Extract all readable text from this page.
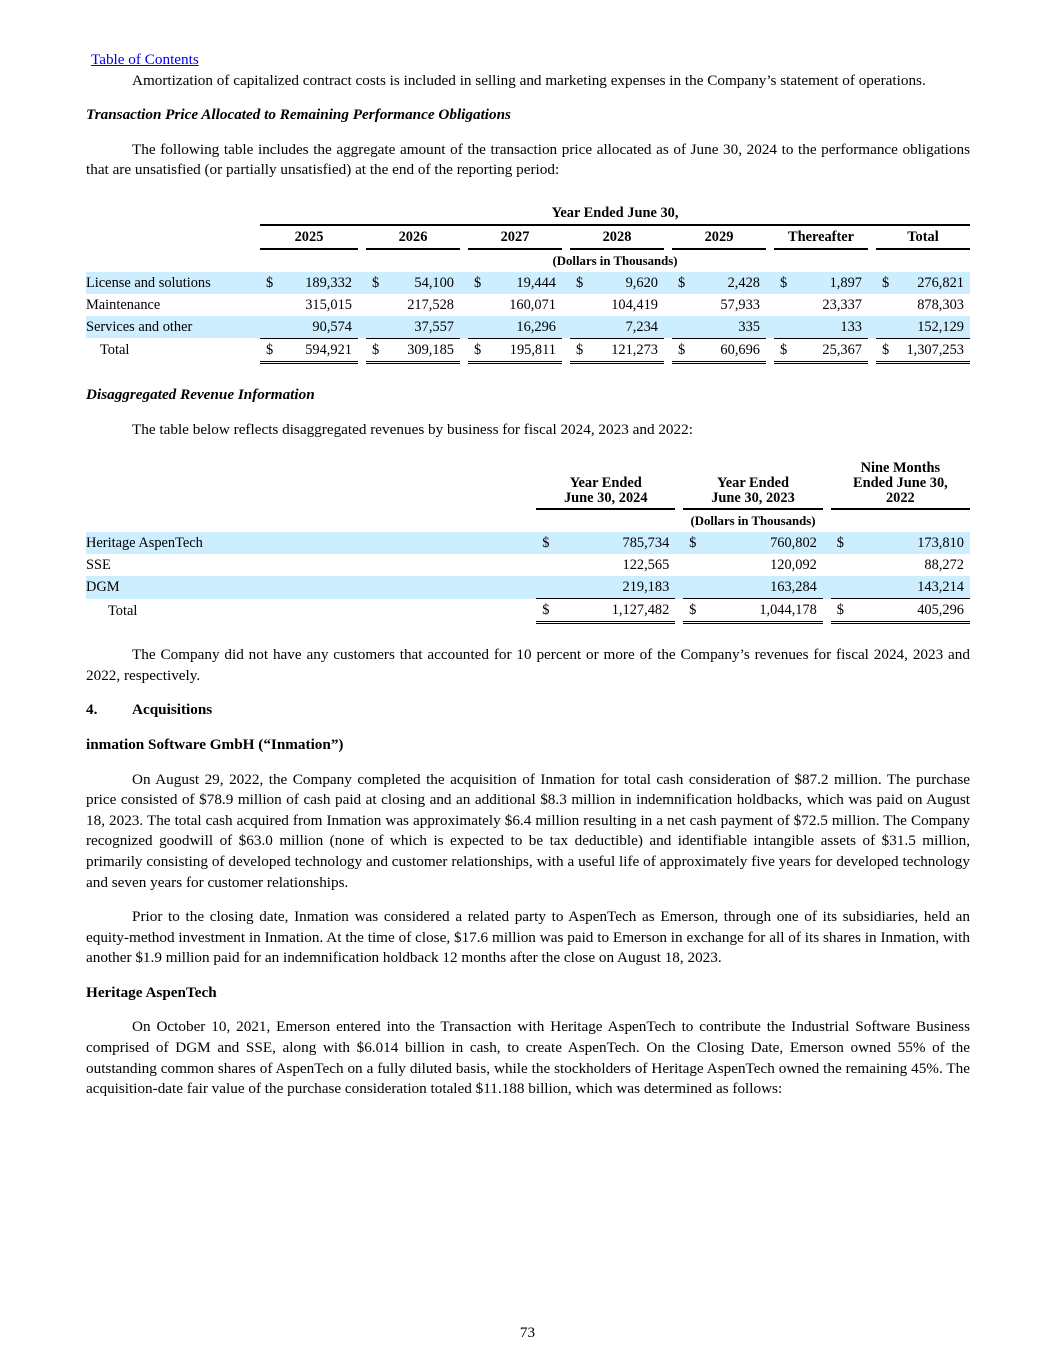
Table of Contents

Amortization of capitalized contract costs is included in selling and marketing expenses in the Company’s statement of operations.

Transaction Price Allocated to Remaining Performance Obligations

The following table includes the aggregate amount of the transaction price allocated as of June 30, 2024 to the performance obligations that are unsatisfied (or partially unsatisfied) at the end of the reporting period:

	Year Ended June 30,																			
	2025			2026			2027			2028			2029			Thereafter			Total	
	(Dollars in Thousands)																			
License and solutions	$	189,332		$	54,100		$	19,444		$	9,620		$	2,428		$	1,897		$	276,821
Maintenance		315,015			217,528			160,071			104,419			57,933			23,337			878,303
Services and other		90,574			37,557			16,296			7,234			335			133			152,129
Total	$	594,921		$	309,185		$	195,811		$	121,273		$	60,696		$	25,367		$	1,307,253

Disaggregated Revenue Information

The table below reflects disaggregated revenues by business for fiscal 2024, 2023 and 2022:

Year Ended
June 30, 2024

Year Ended
June 30, 2023

Nine Months
Ended June 30,
2022

				(Dollars in Thousands)				
Heritage AspenTech	$	785,734		$	760,802		$	173,810
SSE		122,565			120,092			88,272
DGM		219,183			163,284			143,214
Total	$	1,127,482		$	1,044,178		$	405,296

The Company did not have any customers that accounted for 10 percent or more of the Company’s revenues for fiscal 2024, 2023 and 2022, respectively.

4. Acquisitions

inmation Software GmbH (“Inmation”)

On August 29, 2022, the Company completed the acquisition of Inmation for total cash consideration of $87.2 million. The purchase price consisted of $78.9 million of cash paid at closing and an additional $8.3 million in indemnification holdbacks, which was paid on August 18, 2023. The total cash acquired from Inmation was approximately $6.4 million resulting in a net cash payment of $72.5 million. The Company recognized goodwill of $63.0 million (none of which is expected to be tax deductible) and identifiable intangible assets of $31.5 million, primarily consisting of developed technology and customer relationships, with a useful life of approximately five years for developed technology and seven years for customer relationships.

Prior to the closing date, Inmation was considered a related party to AspenTech as Emerson, through one of its subsidiaries, held an equity-method investment in Inmation. At the time of close, $17.6 million was paid to Emerson in exchange for all of its shares in Inmation, with another $1.9 million paid for an indemnification holdback 12 months after the close on August 18, 2023.

Heritage AspenTech

On October 10, 2021, Emerson entered into the Transaction with Heritage AspenTech to contribute the Industrial Software Business comprised of DGM and SSE, along with $6.014 billion in cash, to create AspenTech. On the Closing Date, Emerson owned 55% of the outstanding common shares of AspenTech on a fully diluted basis, while the stockholders of Heritage AspenTech owned the remaining 45%. The acquisition-date fair value of the purchase consideration totaled $11.188 billion, which was determined as follows:

73
